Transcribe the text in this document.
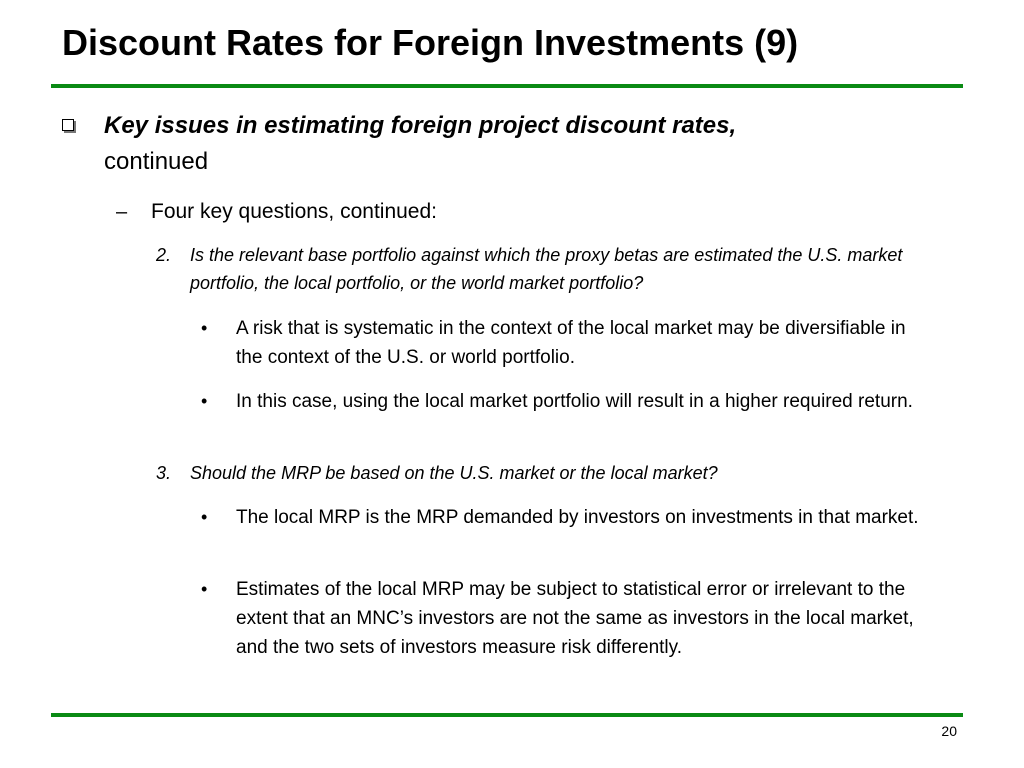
Discount Rates for Foreign Investments (9)
Key issues in estimating foreign project discount rates,
continued
– Four key questions, continued:
2. Is the relevant base portfolio against which the proxy betas are estimated the U.S. market portfolio, the local portfolio, or the world market portfolio?
• A risk that is systematic in the context of the local market may be diversifiable in the context of the U.S. or world portfolio.
• In this case, using the local market portfolio will result in a higher required return.
3. Should the MRP be based on the U.S. market or the local market?
• The local MRP is the MRP demanded by investors on investments in that market.
• Estimates of the local MRP may be subject to statistical error or irrelevant to the extent that an MNC’s investors are not the same as investors in the local market, and the two sets of investors measure risk differently.
20
